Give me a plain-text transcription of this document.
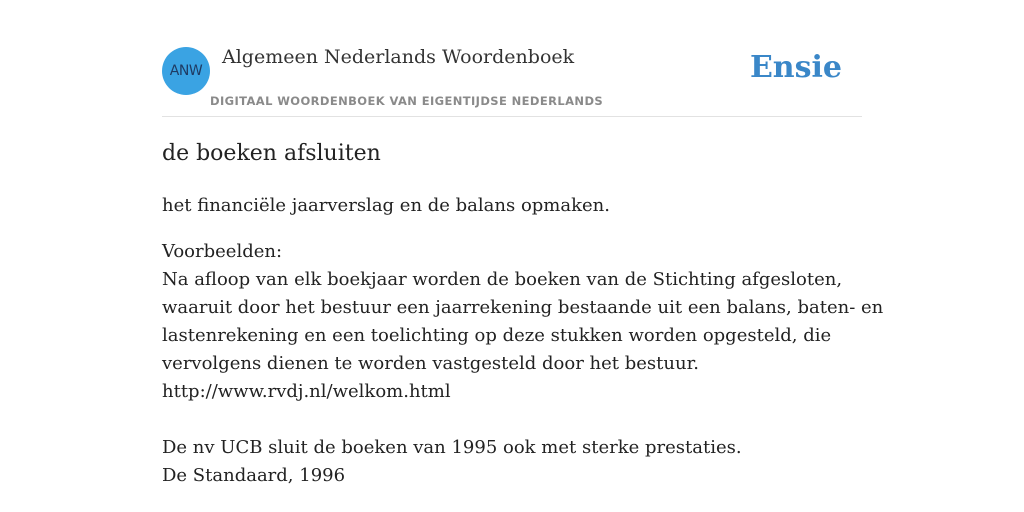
ANW
Algemeen Nederlands Woordenboek
DIGITAAL WOORDENBOEK VAN EIGENTIJDSE NEDERLANDS
Ensie
de boeken afsluiten

het financiële jaarverslag en de balans opmaken.

Voorbeelden:
Na afloop van elk boekjaar worden de boeken van de Stichting afgesloten,
waaruit door het bestuur een jaarrekening bestaande uit een balans, baten- en
lastenrekening en een toelichting op deze stukken worden opgesteld, die
vervolgens dienen te worden vastgesteld door het bestuur.
http://www.rvdj.nl/welkom.html
De nv UCB sluit de boeken van 1995 ook met sterke prestaties.
De Standaard, 1996
